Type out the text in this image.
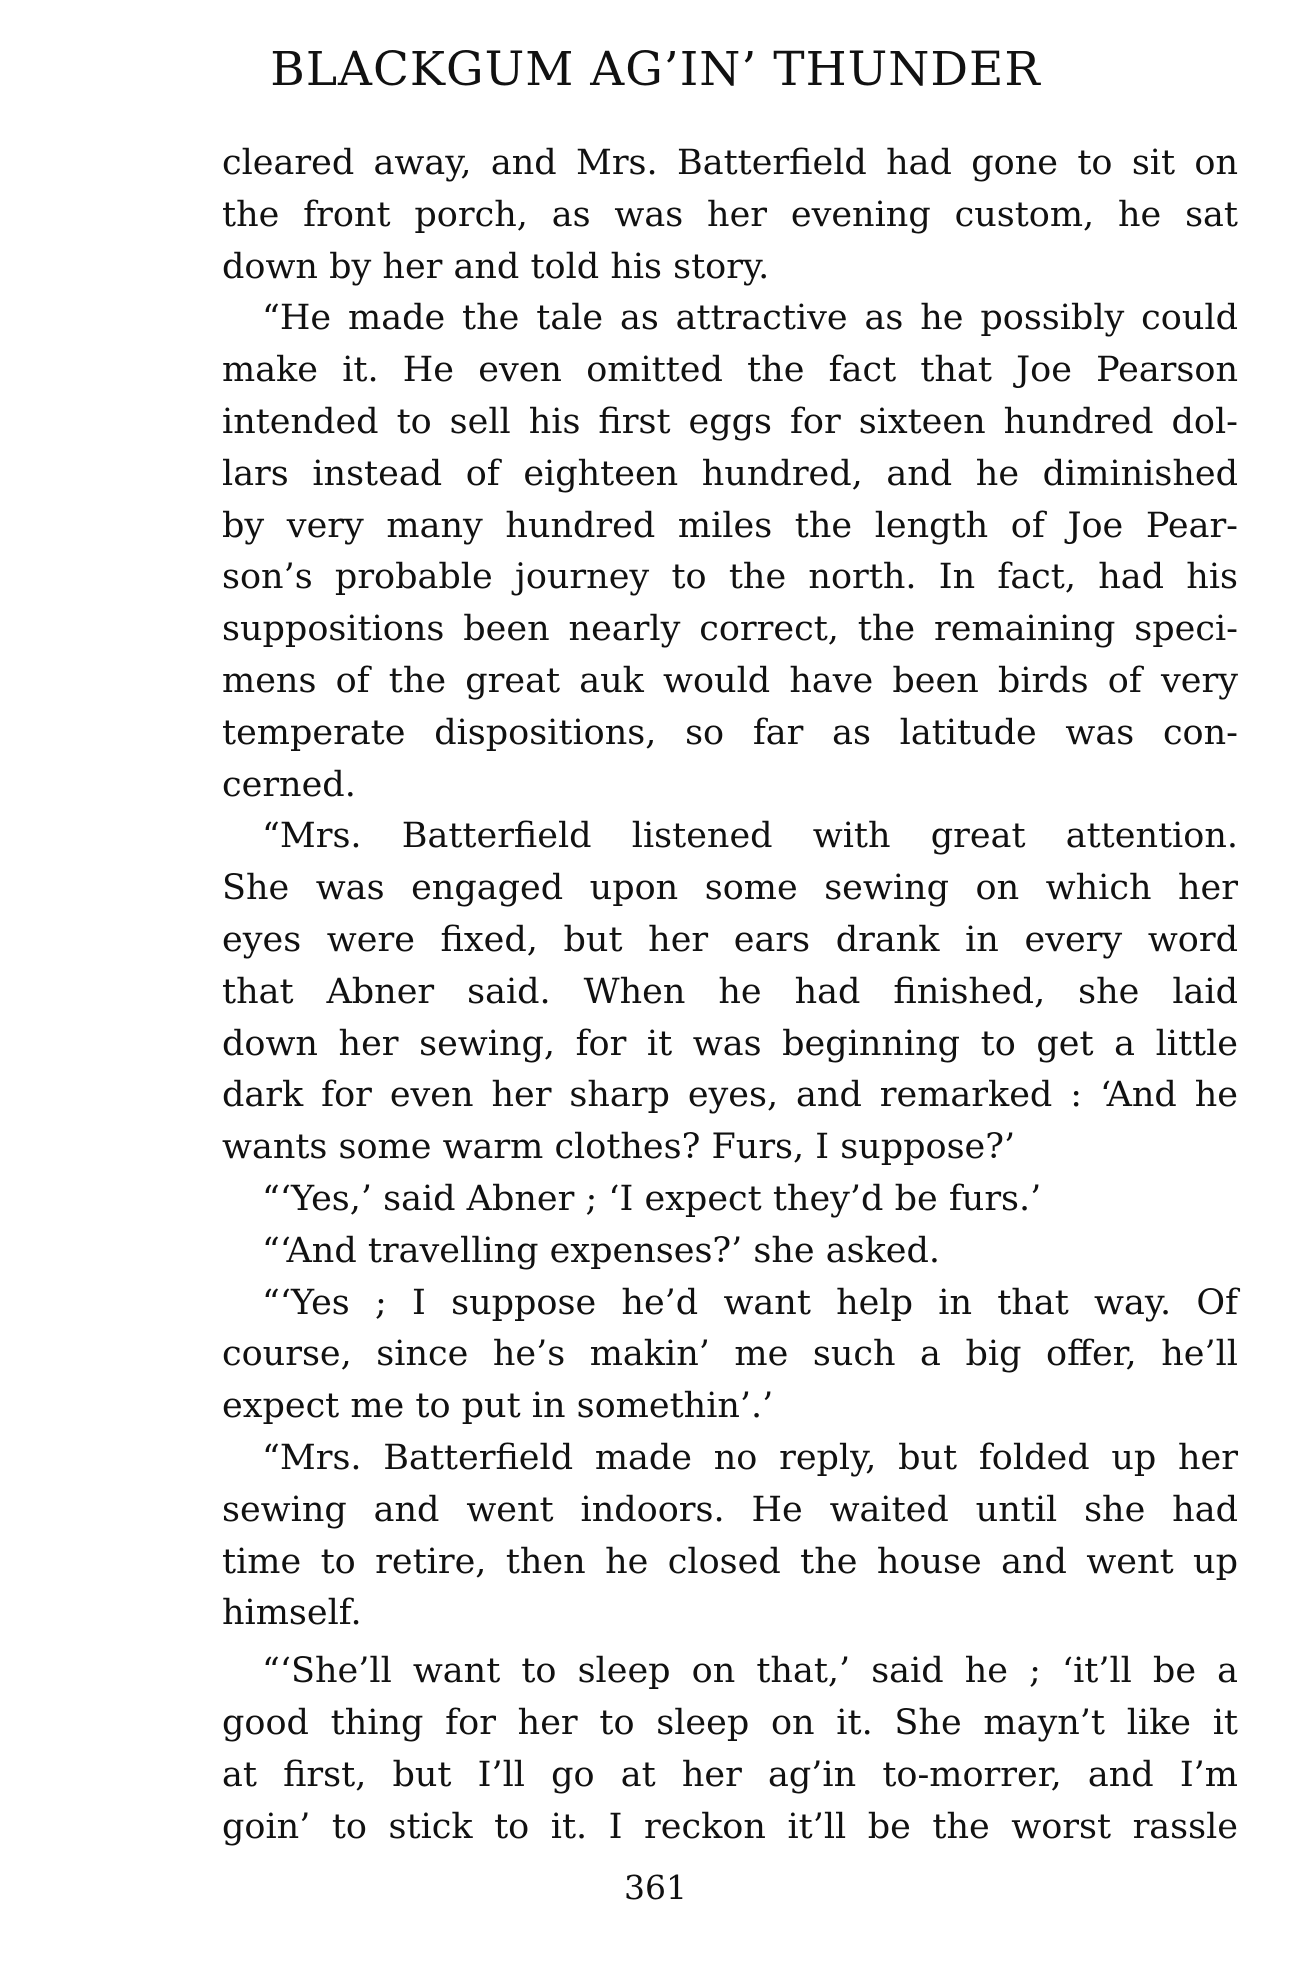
BLACKGUM AG’IN’ THUNDER
cleared away, and Mrs. Batterfield had gone to sit on
the front porch, as was her evening custom, he sat
down by her and told his story.
“He made the tale as attractive as he possibly could
make it. He even omitted the fact that Joe Pearson
intended to sell his first eggs for sixteen hundred dol-
lars instead of eighteen hundred, and he diminished
by very many hundred miles the length of Joe Pear-
son’s probable journey to the north. In fact, had his
suppositions been nearly correct, the remaining speci-
mens of the great auk would have been birds of very
temperate dispositions, so far as latitude was con-
cerned.
“Mrs. Batterfield listened with great attention.
She was engaged upon some sewing on which her
eyes were fixed, but her ears drank in every word
that Abner said. When he had finished, she laid
down her sewing, for it was beginning to get a little
dark for even her sharp eyes, and remarked : ‘And he
wants some warm clothes? Furs, I suppose?’
“‘Yes,’ said Abner ; ‘I expect they’d be furs.’
“‘And travelling expenses?’ she asked.
“‘Yes ; I suppose he’d want help in that way. Of
course, since he’s makin’ me such a big offer, he’ll
expect me to put in somethin’.’
“Mrs. Batterfield made no reply, but folded up her
sewing and went indoors. He waited until she had
time to retire, then he closed the house and went up
himself.
“‘She’ll want to sleep on that,’ said he ; ‘it’ll be a
good thing for her to sleep on it. She mayn’t like it
at first, but I’ll go at her ag’in to-morrer, and I’m
goin’ to stick to it. I reckon it’ll be the worst rassle
361
